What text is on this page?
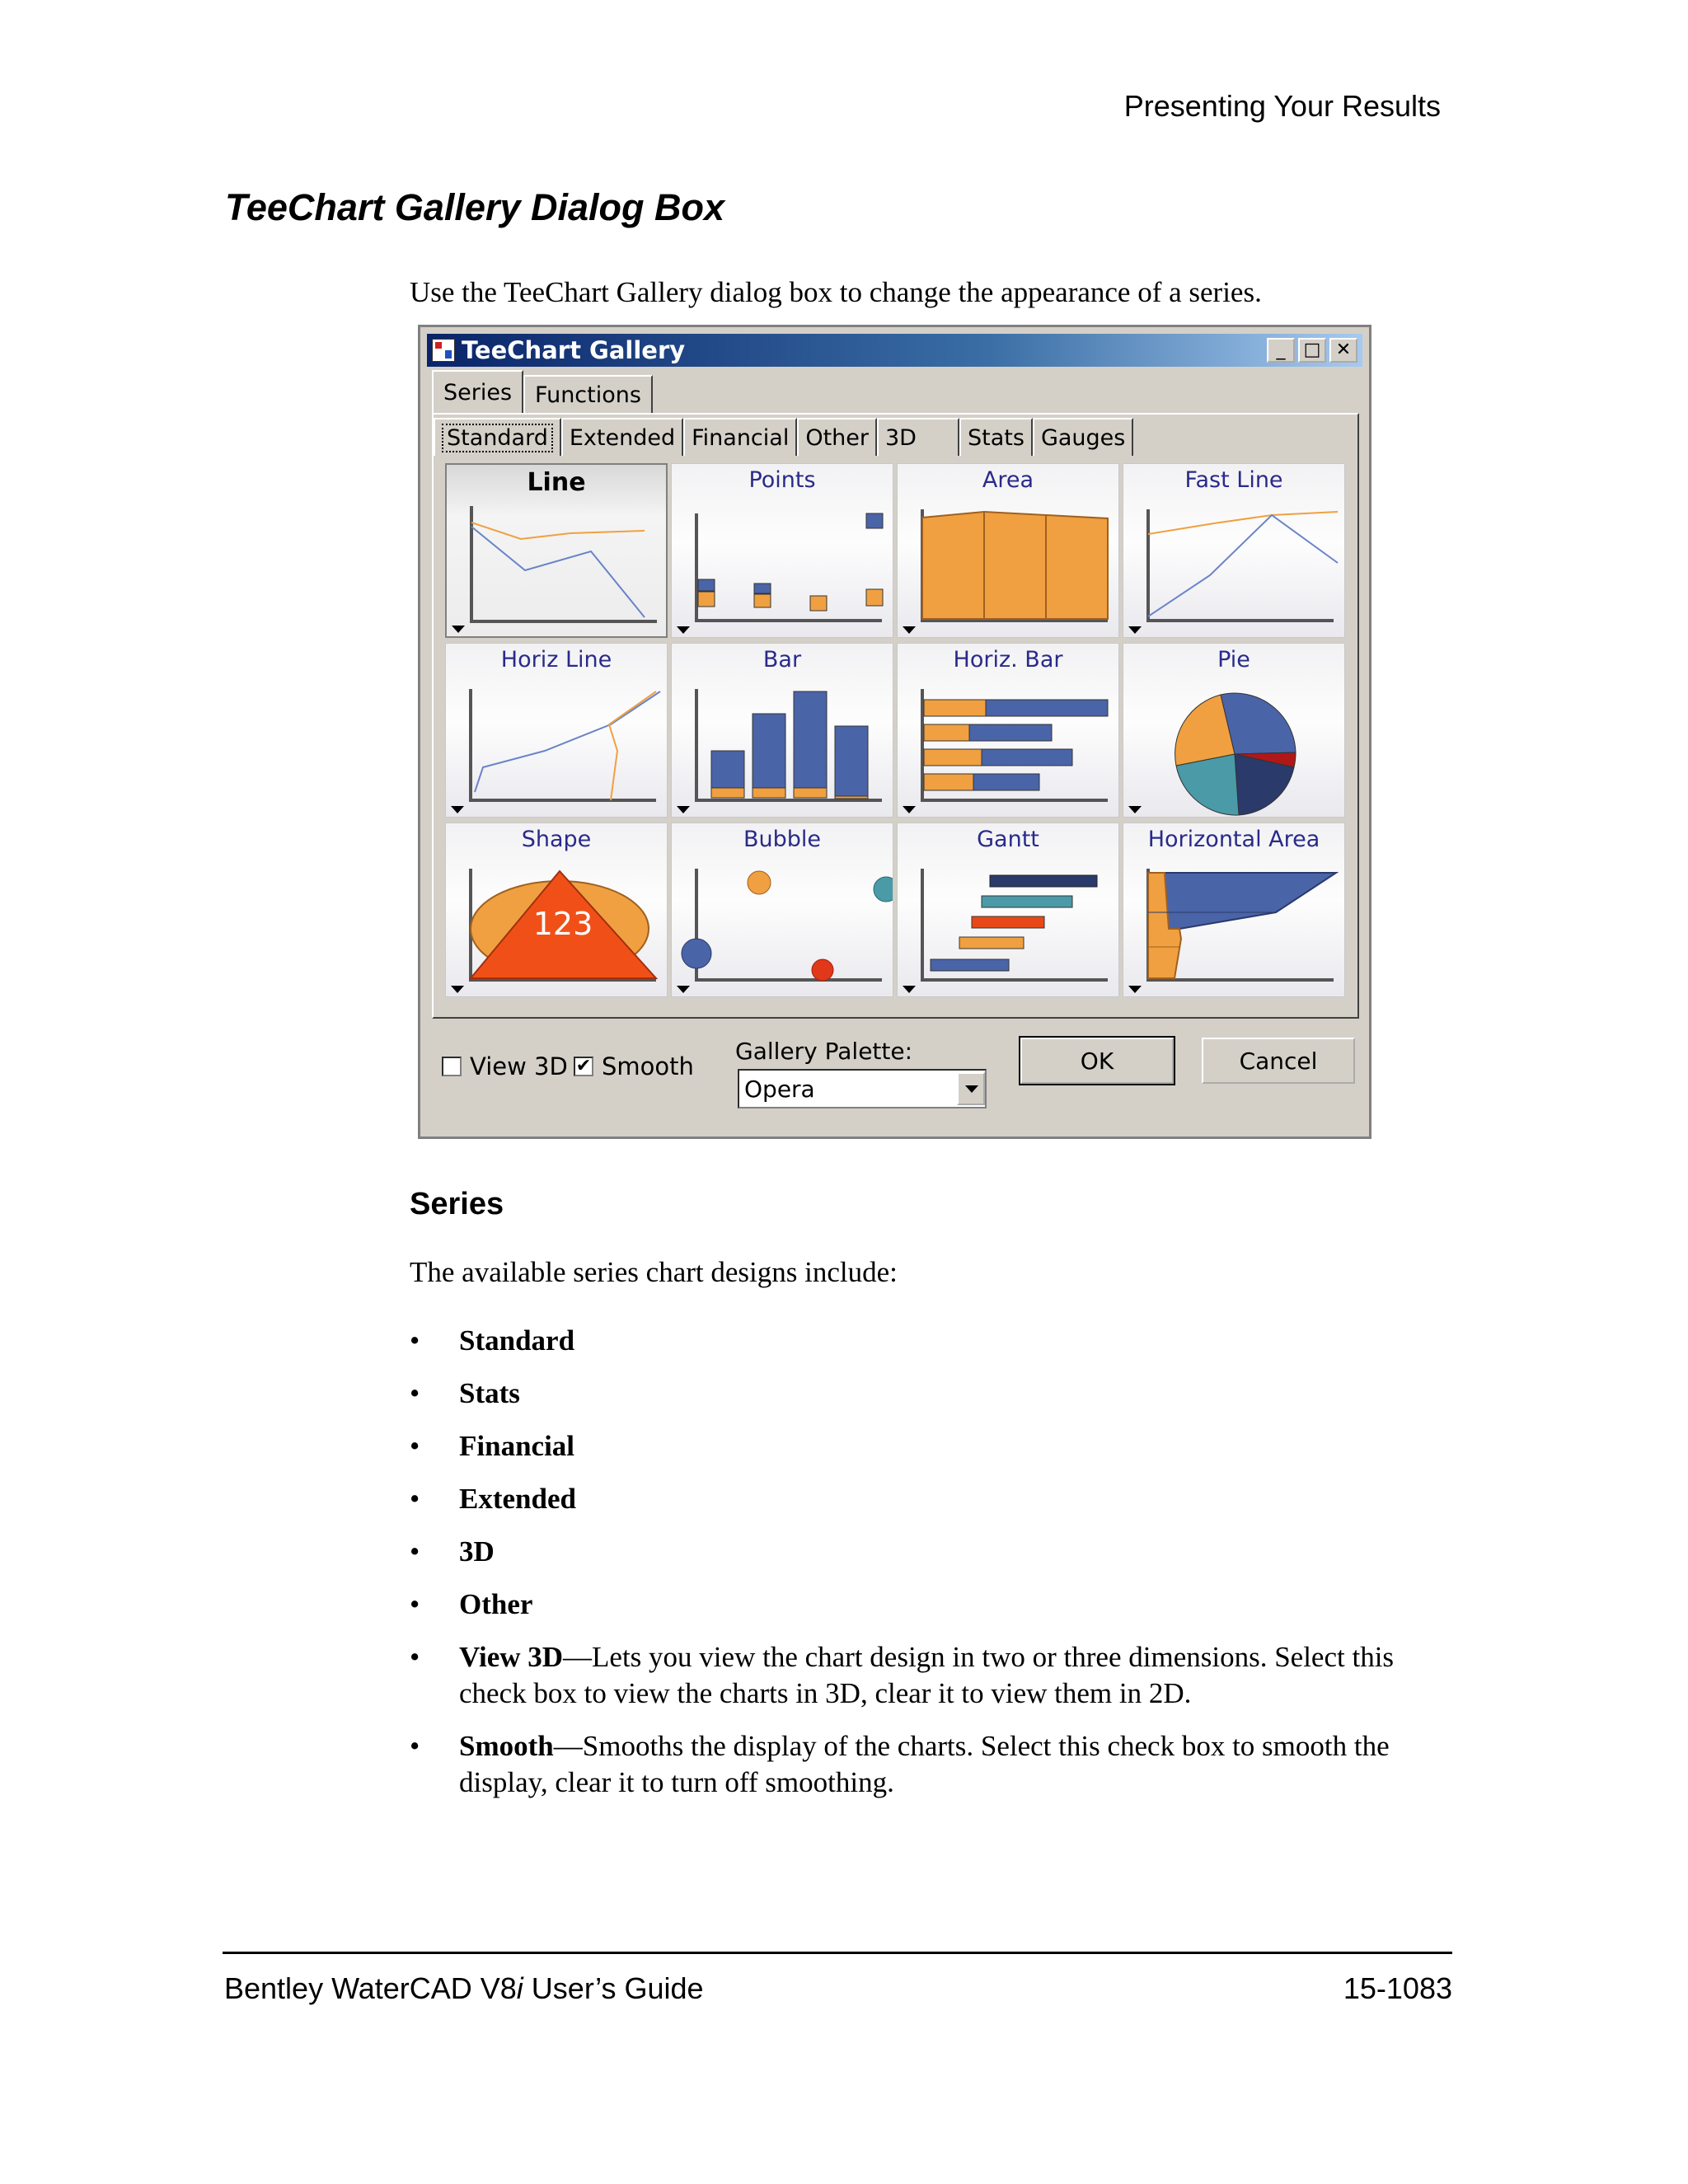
Presenting Your Results
TeeChart Gallery Dialog Box

Use the TeeChart Gallery dialog box to change the appearance of a series.

TeeChart Gallery	_	□ ✕
Series	Functions
Standard Extended Financial Other 3D	Stats Gauges
Line	Points	Area	Fast Line
Horiz Line	Bar	Horiz. Bar	Pie
Shape
123
Bubble	Gantt	Horizontal Area
View 3D ✔ Smooth
Gallery Palette:
Opera
OK	Cancel
Series

The available series chart designs include:

• Standard
• Stats
• Financial
• Extended
• 3D
• Other
• View 3D—Lets you view the chart design in two or three dimensions. Select this check box to view the charts in 3D, clear it to view them in 2D.
• Smooth—Smooths the display of the charts. Select this check box to smooth the display, clear it to turn off smoothing.
Bentley WaterCAD V8i User’s Guide	15-1083
